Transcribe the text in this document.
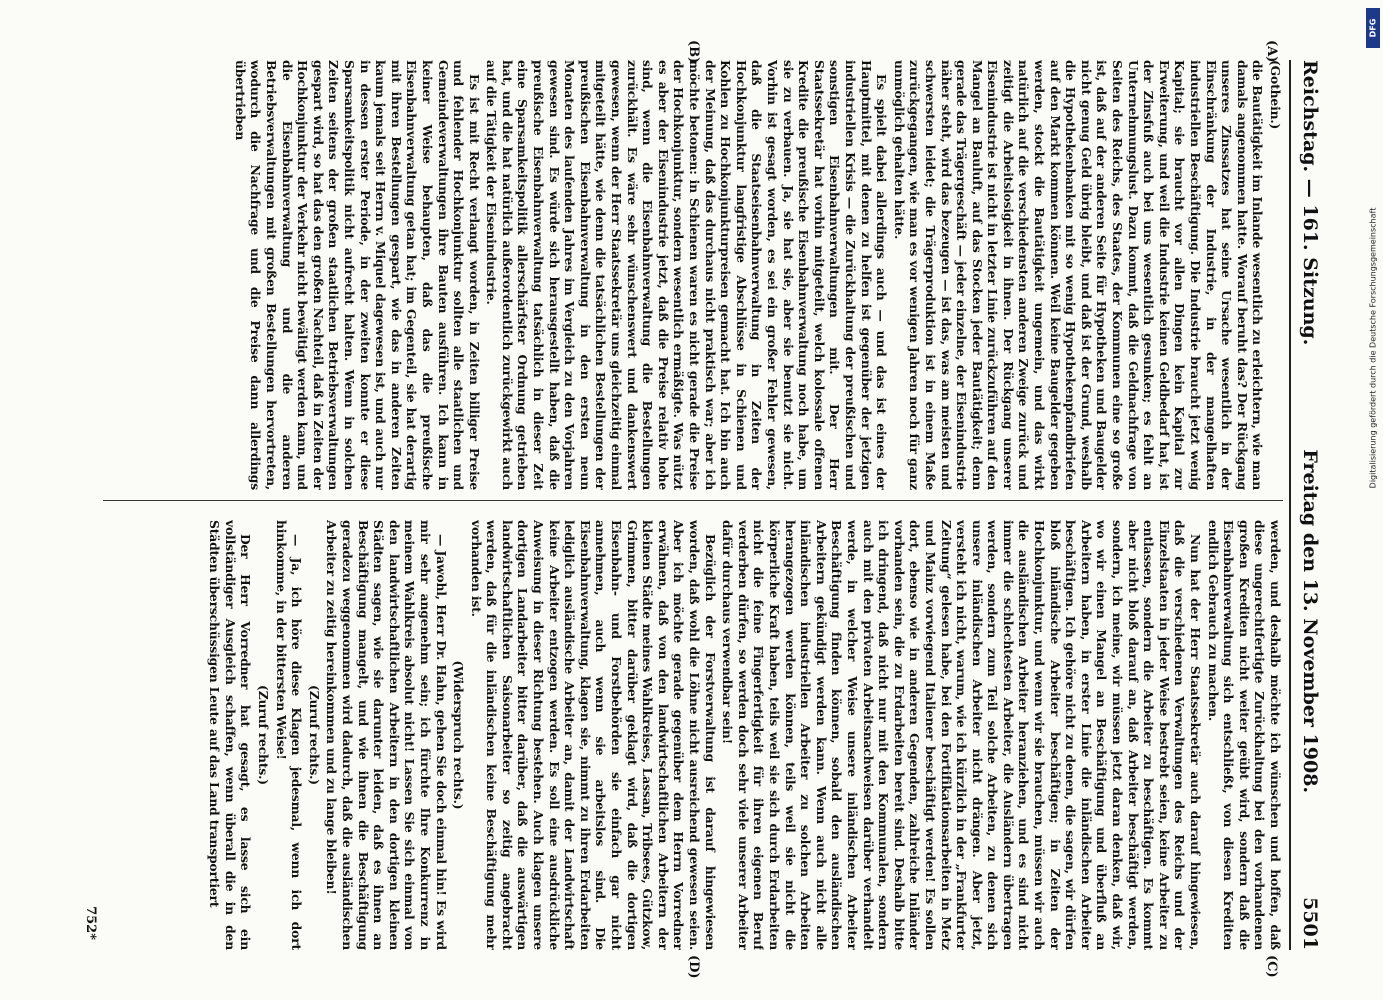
Reichstag. — 161. Sitzung.
Freitag den 13. November 1908.
5501
(A)
(B)
(C)
(D)

(Gothein.)

die Bautätigkeit im Inlande wesentlich zu erleichtern, wie man damals angenommen hatte. Worauf beruht das? Der Rückgang unseres Zinssatzes hat seine Ursache wesentlich in der Einschränkung der Industrie, in der mangelhaften industriellen Beschäftigung. Die Industrie braucht jetzt wenig Kapital; sie braucht vor allen Dingen kein Kapital zur Erweiterung, und weil die Industrie keinen Geldbedarf hat, ist der Zinsfuß auch bei uns wesentlich gesunken; es fehlt an Unternehmungslust. Dazu kommt, daß die Geldnachfrage von Seiten des Reichs, des Staates, der Kommunen eine so große ist, daß auf der anderen Seite für Hypotheken und Baugelder nicht genug Geld übrig bleibt, und daß ist der Grund, weshalb die Hypothekenbanken mit so wenig Hypothekenpfandbriefen auf den Markt kommen können. Weil keine Baugelder gegeben werden, stockt die Bautätigkeit ungemein, und das wirkt natürlich auf die verschiedensten anderen Zweige zurück und zeitigt die Arbeitslosigkeit in ihnen. Der Rückgang unserer Eisenindustrie ist nicht in letzter Linie zurückzuführen auf den Mangel an Bauluft, auf das Stocken jeder Bautätigkeit; denn gerade das Trägergeschäft — jeder einzelne, der Eisenindustrie näher steht, wird das bezeugen — ist das, was am meisten und schwersten leidet; die Trägerproduktion ist in einem Maße zurückgegangen, wie man es vor wenigen Jahren noch für ganz unmöglich gehalten hätte.

Es spielt dabei allerdings auch — und das ist eines der Hauptmittel, mit denen zu helfen ist gegenüber der jetzigen industriellen Krisis — die Zurückhaltung der preußischen und sonstigen Eisenbahnverwaltungen mit. Der Herr Staatssekretär hat vorhin mitgeteilt, welch kolossale offenen Kredite die preußische Eisenbahnverwaltung noch habe, um sie zu verbauen. Ja, sie hat sie, aber sie benutzt sie nicht. Vorhin ist gesagt worden, es sei ein großer Fehler gewesen, daß die Staatseisenbahnverwaltung in Zeiten der Hochkonjunktur langfristige Abschlüsse in Schienen und Kohlen zu Hochkonjunkturpreisen gemacht hat. Ich bin auch der Meinung, daß das durchaus nicht praktisch war; aber ich möchte betonen: in Schienen waren es nicht gerade die Preise der Hochkonjunktur, sondern wesentlich ermäßigte. Was nützt es aber der Eisenindustrie jetzt, daß die Preise relativ hohe sind, wenn die Eisenbahnverwaltung die Bestellungen zurückhält. Es wäre sehr wünschenswert und dankenswert gewesen, wenn der Herr Staatssekretär uns gleichzeitig einmal mitgeteilt hätte, wie denn die tatsächlichen Bestellungen der preußischen Eisenbahnverwaltung in den ersten neun Monaten des laufenden Jahres im Vergleich zu den Vorjahren gewesen sind. Es würde sich herausgestellt haben, daß die preußische Eisenbahnverwaltung tatsächlich in dieser Zeit eine Sparsamkeitspolitik allerschärfster Ordnung getrieben hat, und die hat natürlich außerordentlich zurückgewirkt auch auf die Tätigkeit der Eisenindustrie.

Es ist mit Recht verlangt worden, in Zeiten billiger Preise und fehlender Hochkonjunktur sollten alle staatlichen und Gemeindeverwaltungen ihre Bauten ausführen. Ich kann in keiner Weise behaupten, daß das die preußische Eisenbahnverwaltung getan hat; im Gegenteil, sie hat derartig mit ihren Bestellungen gespart, wie das in anderen Zeiten kaum jemals seit Herrn v. Miquel dagewesen ist, und auch nur in dessen erster Periode, in der zweiten konnte er diese Sparsamkeitspolitik nicht aufrecht halten. Wenn in solchen Zeiten seitens der großen staatlichen Betriebsverwaltungen gespart wird, so hat das den großen Nachteil, daß in Zeiten der Hochkonjunktur der Verkehr nicht bewältigt werden kann, und die Eisenbahnverwaltung und die anderen Betriebsverwaltungen mit großen Bestellungen hervortreten, wodurch die Nachfrage und die Preise dann allerdings übertrieben

werden, und deshalb möchte ich wünschen und hoffen, daß diese ungerechtfertigte Zurückhaltung bei den vorhandenen großen Krediten nicht weiter geübt wird, sondern daß die Eisenbahnverwaltung sich entschließt, von diesen Krediten endlich Gebrauch zu machen.

Nun hat der Herr Staatssekretär auch darauf hingewiesen, daß die verschiedenen Verwaltungen des Reichs und der Einzelstaaten in jeder Weise bestrebt seien, keine Arbeiter zu entlassen, sondern die Arbeiter zu beschäftigen. Es kommt aber nicht bloß darauf an, daß Arbeiter beschäftigt werden, sondern, ich meine, wir müssen jetzt daran denken, daß wir, wo wir einen Mangel an Beschäftigung und überfluß an Arbeitern haben, in erster Linie die inländischen Arbeiter beschäftigen. Ich gehöre nicht zu denen, die sagen, wir dürfen bloß inländische Arbeiter beschäftigen; in Zeiten der Hochkonjunktur, und wenn wir sie brauchen, müssen wir auch die ausländischen Arbeiter heranziehen, und es sind nicht immer die schlechtesten Arbeiter, die Ausländern übertragen werden, sondern zum Teil solche Arbeiten, zu denen sich unsere inländischen Arbeiter nicht drängen. Aber jetzt, versteht ich nicht, warum, wie ich kürzlich in der „Frankfurter Zeitung“ gelesen habe, bei den Fortifikationsarbeiten in Metz und Mainz vorwiegend Italiener beschäftigt werden! Es sollen dort, ebenso wie in anderen Gegenden, zahlreiche Inländer vorhanden sein, die zu Erdarbeiten bereit sind. Deshalb bitte ich dringend, daß nicht nur mit den Kommunalen, sondern auch mit den privaten Arbeitsnachweisen darüber verhandelt werde, in welcher Weise unsere inländischen Arbeiter Beschäftigung finden können, sobald den ausländischen Arbeitern gekündigt werden kann. Wenn auch nicht alle inländischen industriellen Arbeiter zu solchen Arbeiten herangezogen werden können, teils weil sie nicht die körperliche Kraft haben, teils weil sie sich durch Erdarbeiten nicht die feine Fingerfertigkeit für ihren eigenen Beruf verderben dürfen, so werden doch sehr viele unserer Arbeiter dafür durchaus verwendbar sein!

Bezüglich der Forstverwaltung ist darauf hingewiesen worden, daß wohl die Löhne nicht ausreichend gewesen seien. Aber ich möchte gerade gegenüber dem Herrn Vorredner erwähnen, daß von den landwirtschaftlichen Arbeitern der kleinen Städte meines Wahlkreises, Lassan, Tribsees, Gützkow, Grimmen, bitter darüber geklagt wird, daß die dortigen Eisenbahn- und Forstbehörden sie einfach gar nicht annehmen, auch wenn sie arbeitslos sind. Die Eisenbahnverwaltung, klagen sie, nimmt zu ihren Erdarbeiten lediglich ausländische Arbeiter an, damit der Landwirtschaft keine Arbeiter entzogen werden. Es soll eine ausdrückliche Anweisung in dieser Richtung bestehen. Auch klagen unsere dortigen Landarbeiter bitter darüber, daß die auswärtigen landwirtschaftlichen Saisonarbeiter so zeitig angebracht werden, daß für die inländischen keine Beschäftigung mehr vorhanden ist.

(Widerspruch rechts.)

— Jawohl, Herr Dr. Hahn, gehen Sie doch einmal hin! Es wird mir sehr angenehm sein; ich fürchte Ihre Konkurrenz in meinem Wahlkreis absolut nicht! Lassen Sie sich einmal von den landwirtschaftlichen Arbeitern in den dortigen kleinen Städten sagen, wie sie darunter leiden, daß es ihnen an Beschäftigung mangelt, und wie ihnen die Beschäftigung geradezu weggenommen wird dadurch, daß die ausländischen Arbeiter zu zeitig hereinkommen und zu lange bleiben!

(Zuruf rechts.)

— Ja, ich höre diese Klagen jedesmal, wenn ich dort hinkomme, in der bittersten Weise!

(Zuruf rechts.)

Der Herr Vorredner hat gesagt, es lasse sich ein vollständiger Ausgleich schaffen, wenn überall die in den Städten überschüssigen Leute auf das Land transportiert

752*
DFG
Digitalisierung gefördert durch die Deutsche Forschungsgemeinschaft
